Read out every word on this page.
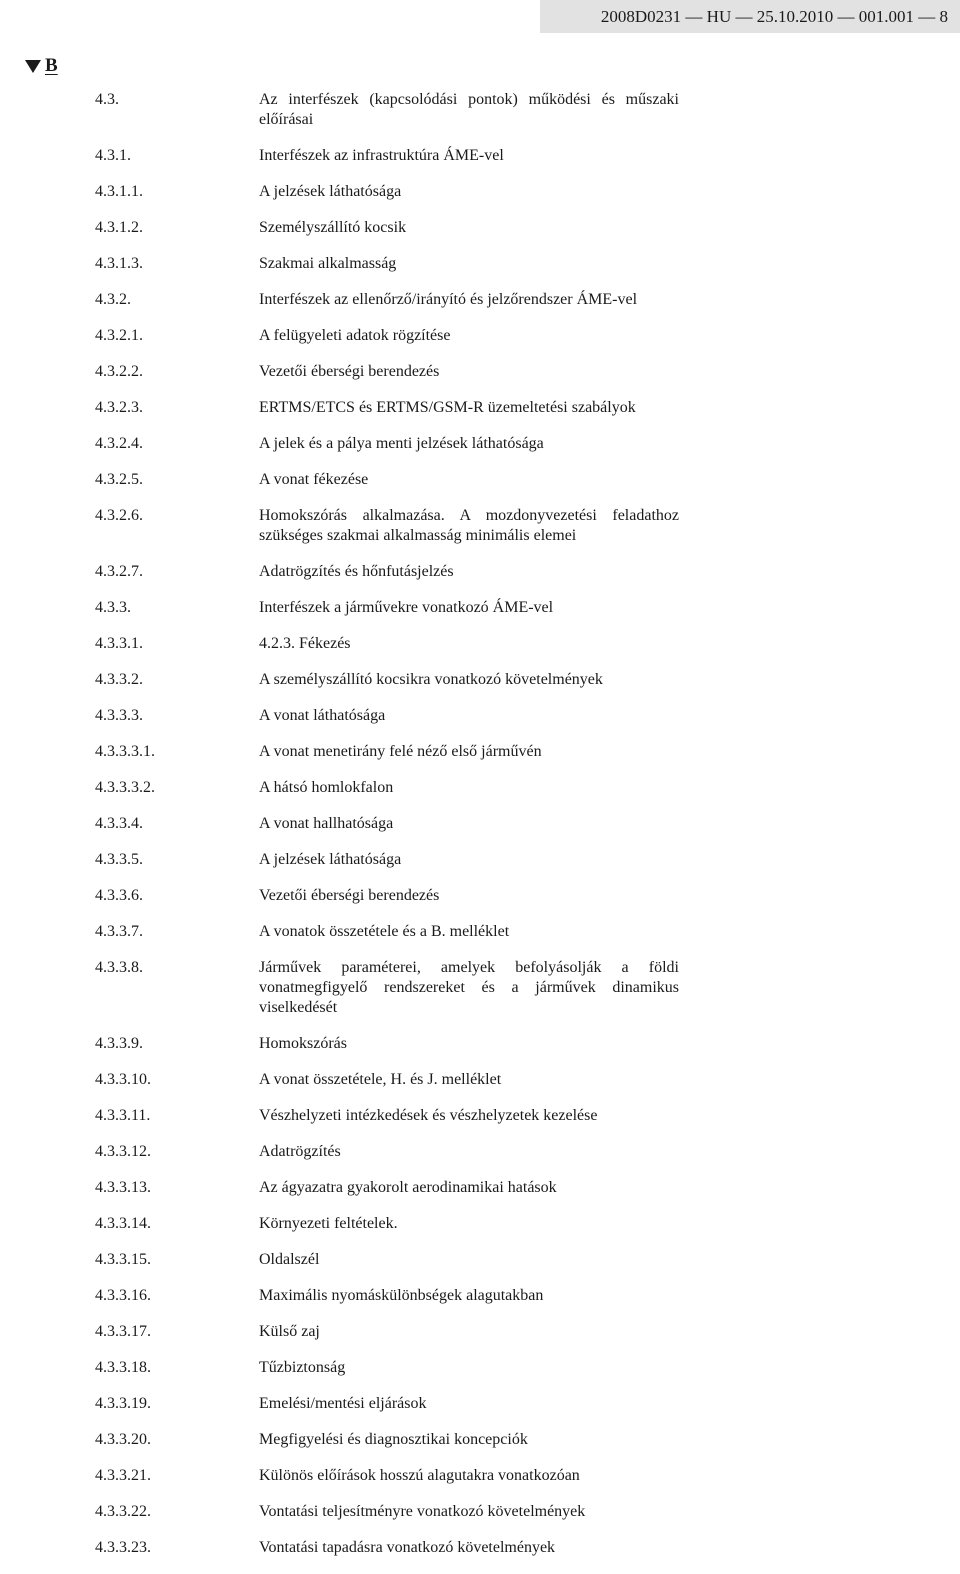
2008D0231 — HU — 25.10.2010 — 001.001 — 8
B
4.3.	Az interfészek (kapcsolódási pontok) működési és műszaki előírásai
4.3.1.	Interfészek az infrastruktúra ÁME-vel
4.3.1.1.	A jelzések láthatósága
4.3.1.2.	Személyszállító kocsik
4.3.1.3.	Szakmai alkalmasság
4.3.2.	Interfészek az ellenőrző/irányító és jelzőrendszer ÁME-vel
4.3.2.1.	A felügyeleti adatok rögzítése
4.3.2.2.	Vezetői éberségi berendezés
4.3.2.3.	ERTMS/ETCS és ERTMS/GSM-R üzemeltetési szabályok
4.3.2.4.	A jelek és a pálya menti jelzések láthatósága
4.3.2.5.	A vonat fékezése
4.3.2.6.	Homokszórás alkalmazása. A mozdonyvezetési feladathoz szükséges szakmai alkalmasság minimális elemei
4.3.2.7.	Adatrögzítés és hőnfutásjelzés
4.3.3.	Interfészek a járművekre vonatkozó ÁME-vel
4.3.3.1.	4.2.3. Fékezés
4.3.3.2.	A személyszállító kocsikra vonatkozó követelmények
4.3.3.3.	A vonat láthatósága
4.3.3.3.1.	A vonat menetirány felé néző első járművén
4.3.3.3.2.	A hátsó homlokfalon
4.3.3.4.	A vonat hallhatósága
4.3.3.5.	A jelzések láthatósága
4.3.3.6.	Vezetői éberségi berendezés
4.3.3.7.	A vonatok összetétele és a B. melléklet
4.3.3.8.	Járművek paraméterei, amelyek befolyásolják a földi vonatmegfigyelő rendszereket és a járművek dinamikus viselkedését
4.3.3.9.	Homokszórás
4.3.3.10.	A vonat összetétele, H. és J. melléklet
4.3.3.11.	Vészhelyzeti intézkedések és vészhelyzetek kezelése
4.3.3.12.	Adatrögzítés
4.3.3.13.	Az ágyazatra gyakorolt aerodinamikai hatások
4.3.3.14.	Környezeti feltételek.
4.3.3.15.	Oldalszél
4.3.3.16.	Maximális nyomáskülönbségek alagutakban
4.3.3.17.	Külső zaj
4.3.3.18.	Tűzbiztonság
4.3.3.19.	Emelési/mentési eljárások
4.3.3.20.	Megfigyelési és diagnosztikai koncepciók
4.3.3.21.	Különös előírások hosszú alagutakra vonatkozóan
4.3.3.22.	Vontatási teljesítményre vonatkozó követelmények
4.3.3.23.	Vontatási tapadásra vonatkozó követelmények
